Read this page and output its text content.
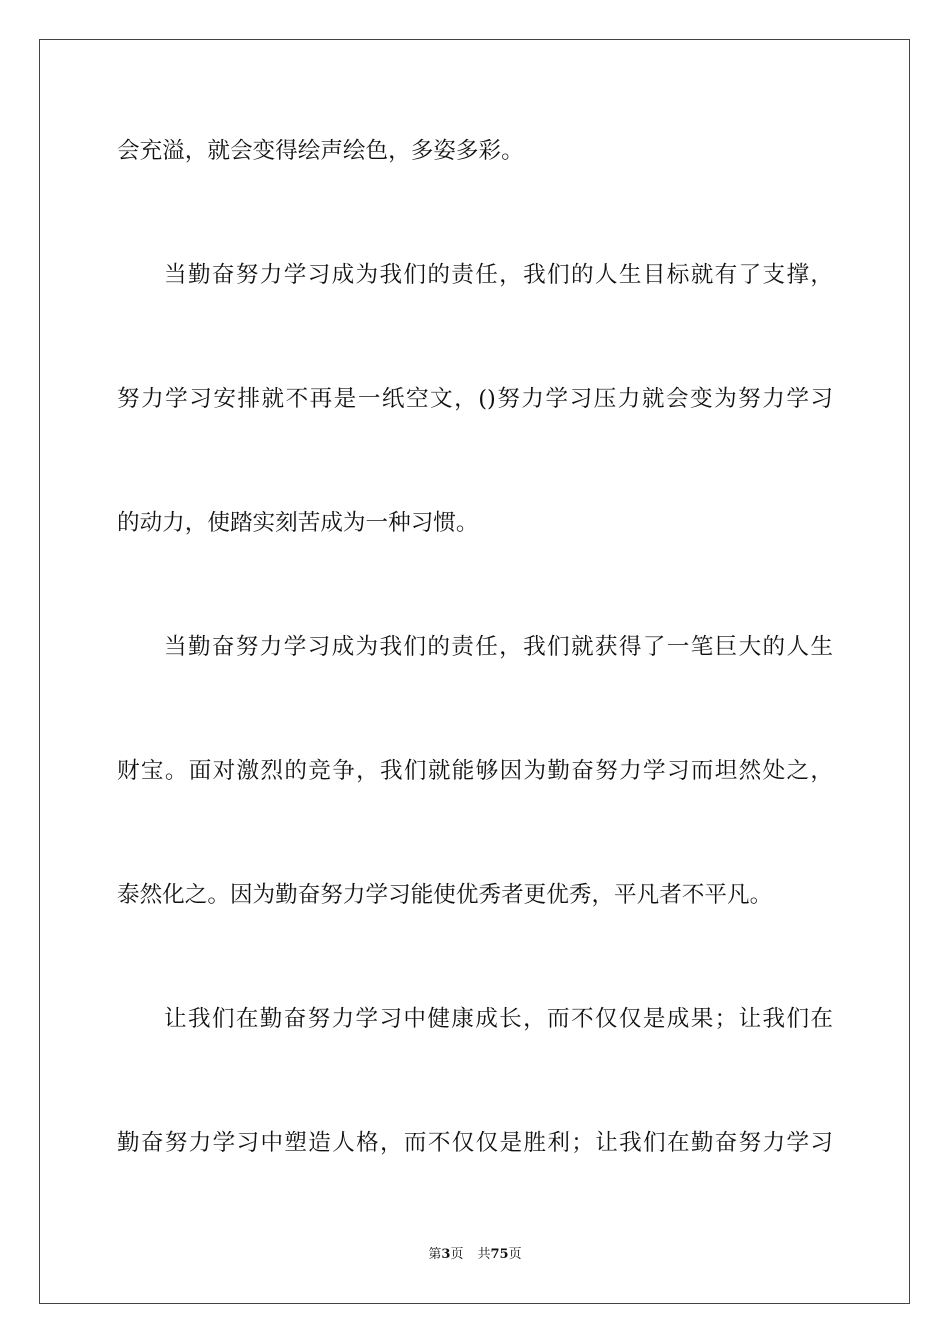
会充溢，就会变得绘声绘色，多姿多彩。
当勤奋努力学习成为我们的责任，我们的人生目标就有了支撑，
努力学习安排就不再是一纸空文，()努力学习压力就会变为努力学习
的动力，使踏实刻苦成为一种习惯。
当勤奋努力学习成为我们的责任，我们就获得了一笔巨大的人生
财宝。面对激烈的竞争，我们就能够因为勤奋努力学习而坦然处之，
泰然化之。因为勤奋努力学习能使优秀者更优秀，平凡者不平凡。
让我们在勤奋努力学习中健康成长，而不仅仅是成果；让我们在
勤奋努力学习中塑造人格，而不仅仅是胜利；让我们在勤奋努力学习
第3页 共75页
